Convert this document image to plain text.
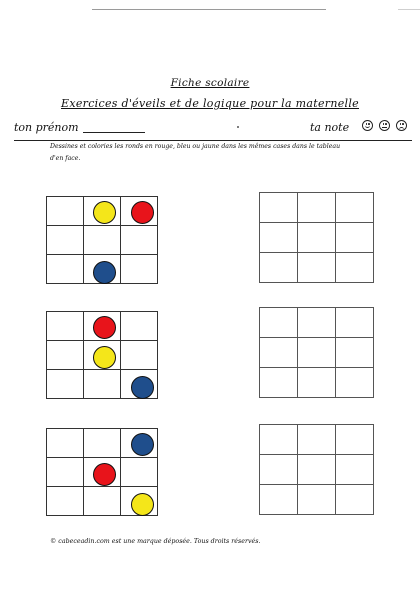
Fiche scolaire
Exercices d'éveils et de logique pour la maternelle
ton prénom	ta note
Dessines et colories les ronds en rouge, bleu ou jaune dans les mêmes cases dans le tableau
d'en face.

© cabeceadin.com est une marque déposée. Tous droits réservés.
